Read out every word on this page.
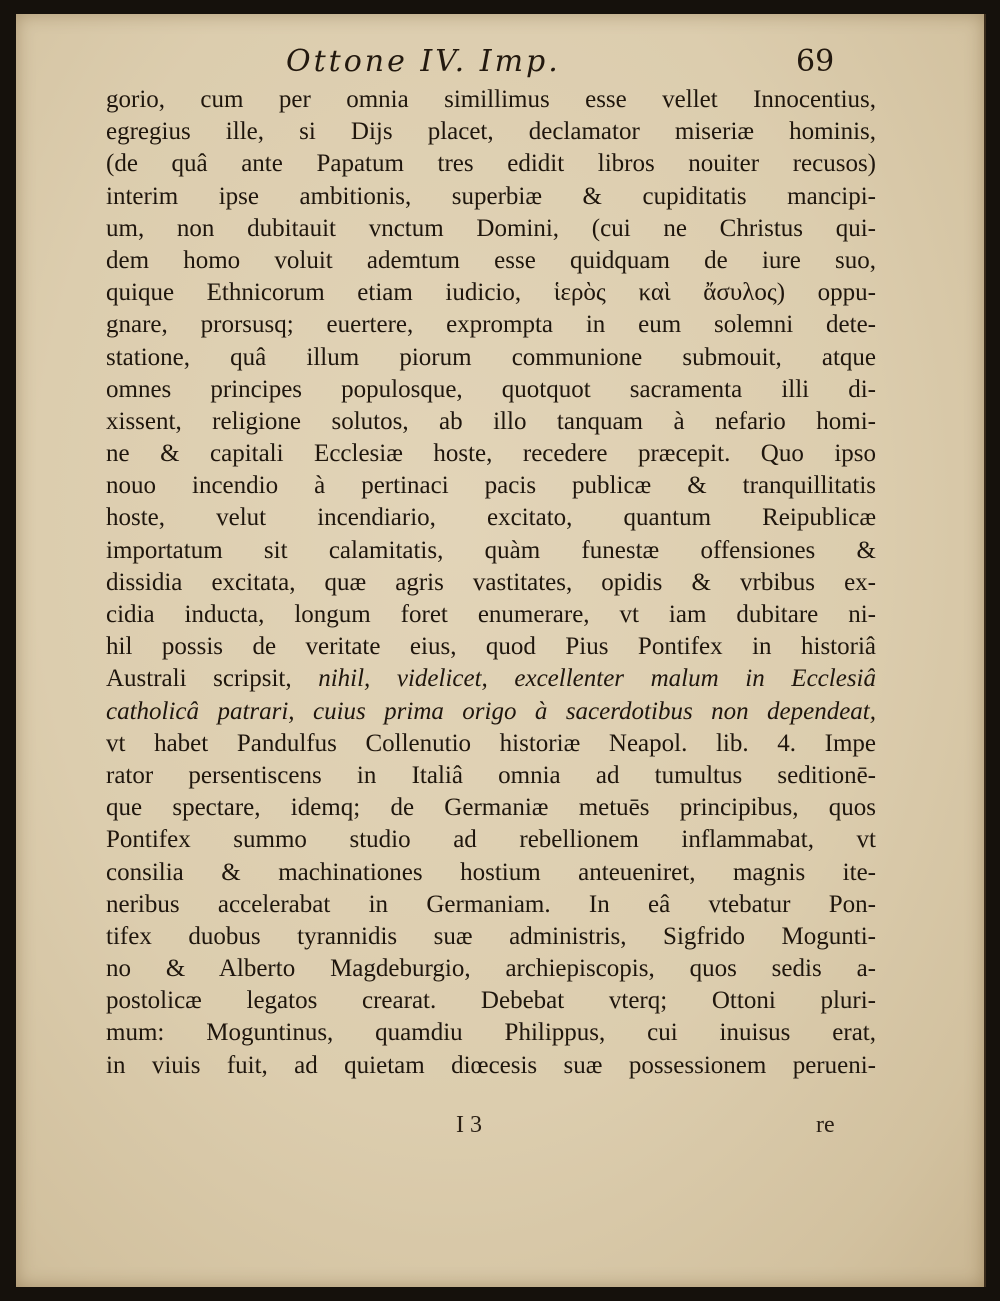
Ottone IV. Imp.	69
gorio, cum per omnia simillimus esse vellet Innocentius,
egregius ille, si Dijs placet, declamator miseriæ hominis,
(de quâ ante Papatum tres edidit libros nouiter recusos)
interim ipse ambitionis, superbiæ & cupiditatis mancipi-
um, non dubitauit vnctum Domini, (cui ne Christus qui-
dem homo voluit ademtum esse quidquam de iure suo,
quique Ethnicorum etiam iudicio, ἱερὸς καὶ ἄσυλος) oppu-
gnare, prorsusq; euertere, exprompta in eum solemni dete-
statione, quâ illum piorum communione submouit, atque
omnes principes populosque, quotquot sacramenta illi di-
xissent, religione solutos, ab illo tanquam à nefario homi-
ne & capitali Ecclesiæ hoste, recedere præcepit. Quo ipso
nouo incendio à pertinaci pacis publicæ & tranquillitatis
hoste, velut incendiario, excitato, quantum Reipublicæ
importatum sit calamitatis, quàm funestæ offensiones &
dissidia excitata, quæ agris vastitates, opidis & vrbibus ex-
cidia inducta, longum foret enumerare, vt iam dubitare ni-
hil possis de veritate eius, quod Pius Pontifex in historiâ
Australi scripsit, nihil, videlicet, excellenter malum in Ecclesiâ
catholicâ patrari, cuius prima origo à sacerdotibus non dependeat,
vt habet Pandulfus Collenutio historiæ Neapol. lib. 4. Impe
rator persentiscens in Italiâ omnia ad tumultus seditionē-
que spectare, idemq; de Germaniæ metuēs principibus, quos
Pontifex summo studio ad rebellionem inflammabat, vt
consilia & machinationes hostium anteueniret, magnis ite-
neribus accelerabat in Germaniam. In eâ vtebatur Pon-
tifex duobus tyrannidis suæ administris, Sigfrido Mogunti-
no & Alberto Magdeburgio, archiepiscopis, quos sedis a-
postolicæ legatos crearat. Debebat vterq; Ottoni pluri-
mum: Moguntinus, quamdiu Philippus, cui inuisus erat,
in viuis fuit, ad quietam diœcesis suæ possessionem perueni-
I 3	re
